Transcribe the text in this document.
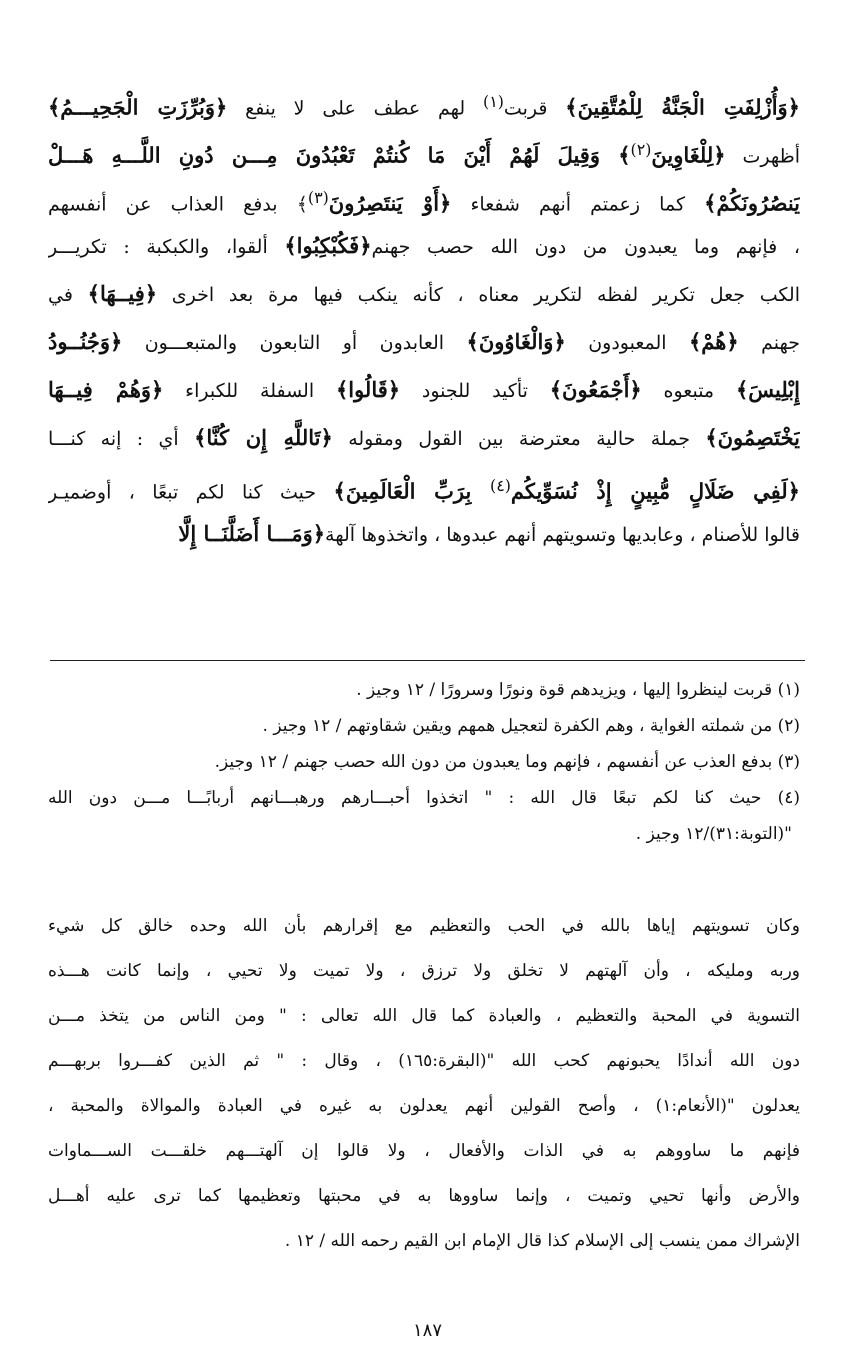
﴿وَأُزْلِفَتِ الْجَنَّةُ لِلْمُتَّقِينَ﴾ قربت$^{(١)}$ لهم عطف على لا ينفع ﴿وَبُرِّزَتِ الْجَحِيـــمُ﴾
أظهرت ﴿لِلْغَاوِينَ$^{(٢)}$﴾ وَقِيلَ لَهُمْ أَيْنَ مَا كُنتُمْ تَعْبُدُونَ مِـــن دُونِ اللَّـــهِ هَـــلْ
يَنصُرُونَكُمْ﴾ كما زعمتم أنهم شفعاء ﴿أَوْ يَنتَصِرُونَ$^{(٣)}$﴾ بدفع العذاب عن أنفسهم
، فإنهم وما يعبدون من دون الله حصب جهنم﴿فَكُبْكِبُوا﴾ ألقوا، والكبكبة : تكريـــر
الكب جعل تكرير لفظه لتكرير معناه ، كأنه ينكب فيها مرة بعد اخرى ﴿فِيــهَا﴾ في
جهنم ﴿هُمْ﴾ المعبودون ﴿وَالْغَاوُونَ﴾ العابدون أو التابعون والمتبعـــون ﴿وَجُنُــودُ
إِبْلِيسَ﴾ متبعوه ﴿أَجْمَعُونَ﴾ تأكيد للجنود ﴿قَالُوا﴾ السفلة للكبراء ﴿وَهُمْ فِيــهَا
يَخْتَصِمُونَ﴾ جملة حالية معترضة بين القول ومقوله ﴿تَاللَّهِ إِن كُنَّا﴾ أي : إنه كنـــا
﴿لَفِي ضَلَالٍ مُّبِينٍ إِذْ نُسَوِّيكُم$^{(٤)}$ بِرَبِّ الْعَالَمِينَ﴾ حيث كنا لكم تبعًا ، أوضميـر
قالوا للأصنام ، وعابديها وتسويتهم أنهم عبدوها ، واتخذوها آلهة﴿وَمَـــا أَضَلَّنَــا إِلَّا
(١) قربت لينظروا إليها ، ويزيدهم قوة ونورًا وسرورًا / ١٢ وجيز .
(٢) من شملته الغواية ، وهم الكفرة لتعجيل همهم ويقين شقاوتهم / ١٢ وجيز .
(٣) بدفع العذب عن أنفسهم ، فإنهم وما يعبدون من دون الله حصب جهنم / ١٢ وجيز.
(٤) حيث كنا لكم تبعًا قال الله : " اتخذوا أحبـــارهم ورهبـــانهم أربابًـــا مـــن دون الله
"(التوبة:٣١)/١٢ وجيز .
وكان تسويتهم إياها بالله في الحب والتعظيم مع إقرارهم بأن الله وحده خالق كل شيء
وربه ومليكه ، وأن آلهتهم لا تخلق ولا ترزق ، ولا تميت ولا تحيي ، وإنما كانت هـــذه
التسوية في المحبة والتعظيم ، والعبادة كما قال الله تعالى : " ومن الناس من يتخذ مـــن
دون الله أندادًا يحبونهم كحب الله "(البقرة:١٦٥) ، وقال : " ثم الذين كفـــروا بربهـــم
يعدلون "(الأنعام:١) ، وأصح القولين أنهم يعدلون به غيره في العبادة والموالاة والمحبة ،
فإنهم ما ساووهم به في الذات والأفعال ، ولا قالوا إن آلهتـــهم خلقـــت الســـماوات
والأرض وأنها تحيي وتميت ، وإنما ساووها به في محبتها وتعظيمها كما ترى عليه أهـــل
الإشراك ممن ينسب إلى الإسلام كذا قال الإمام ابن القيم رحمه الله / ١٢ .
١٨٧
